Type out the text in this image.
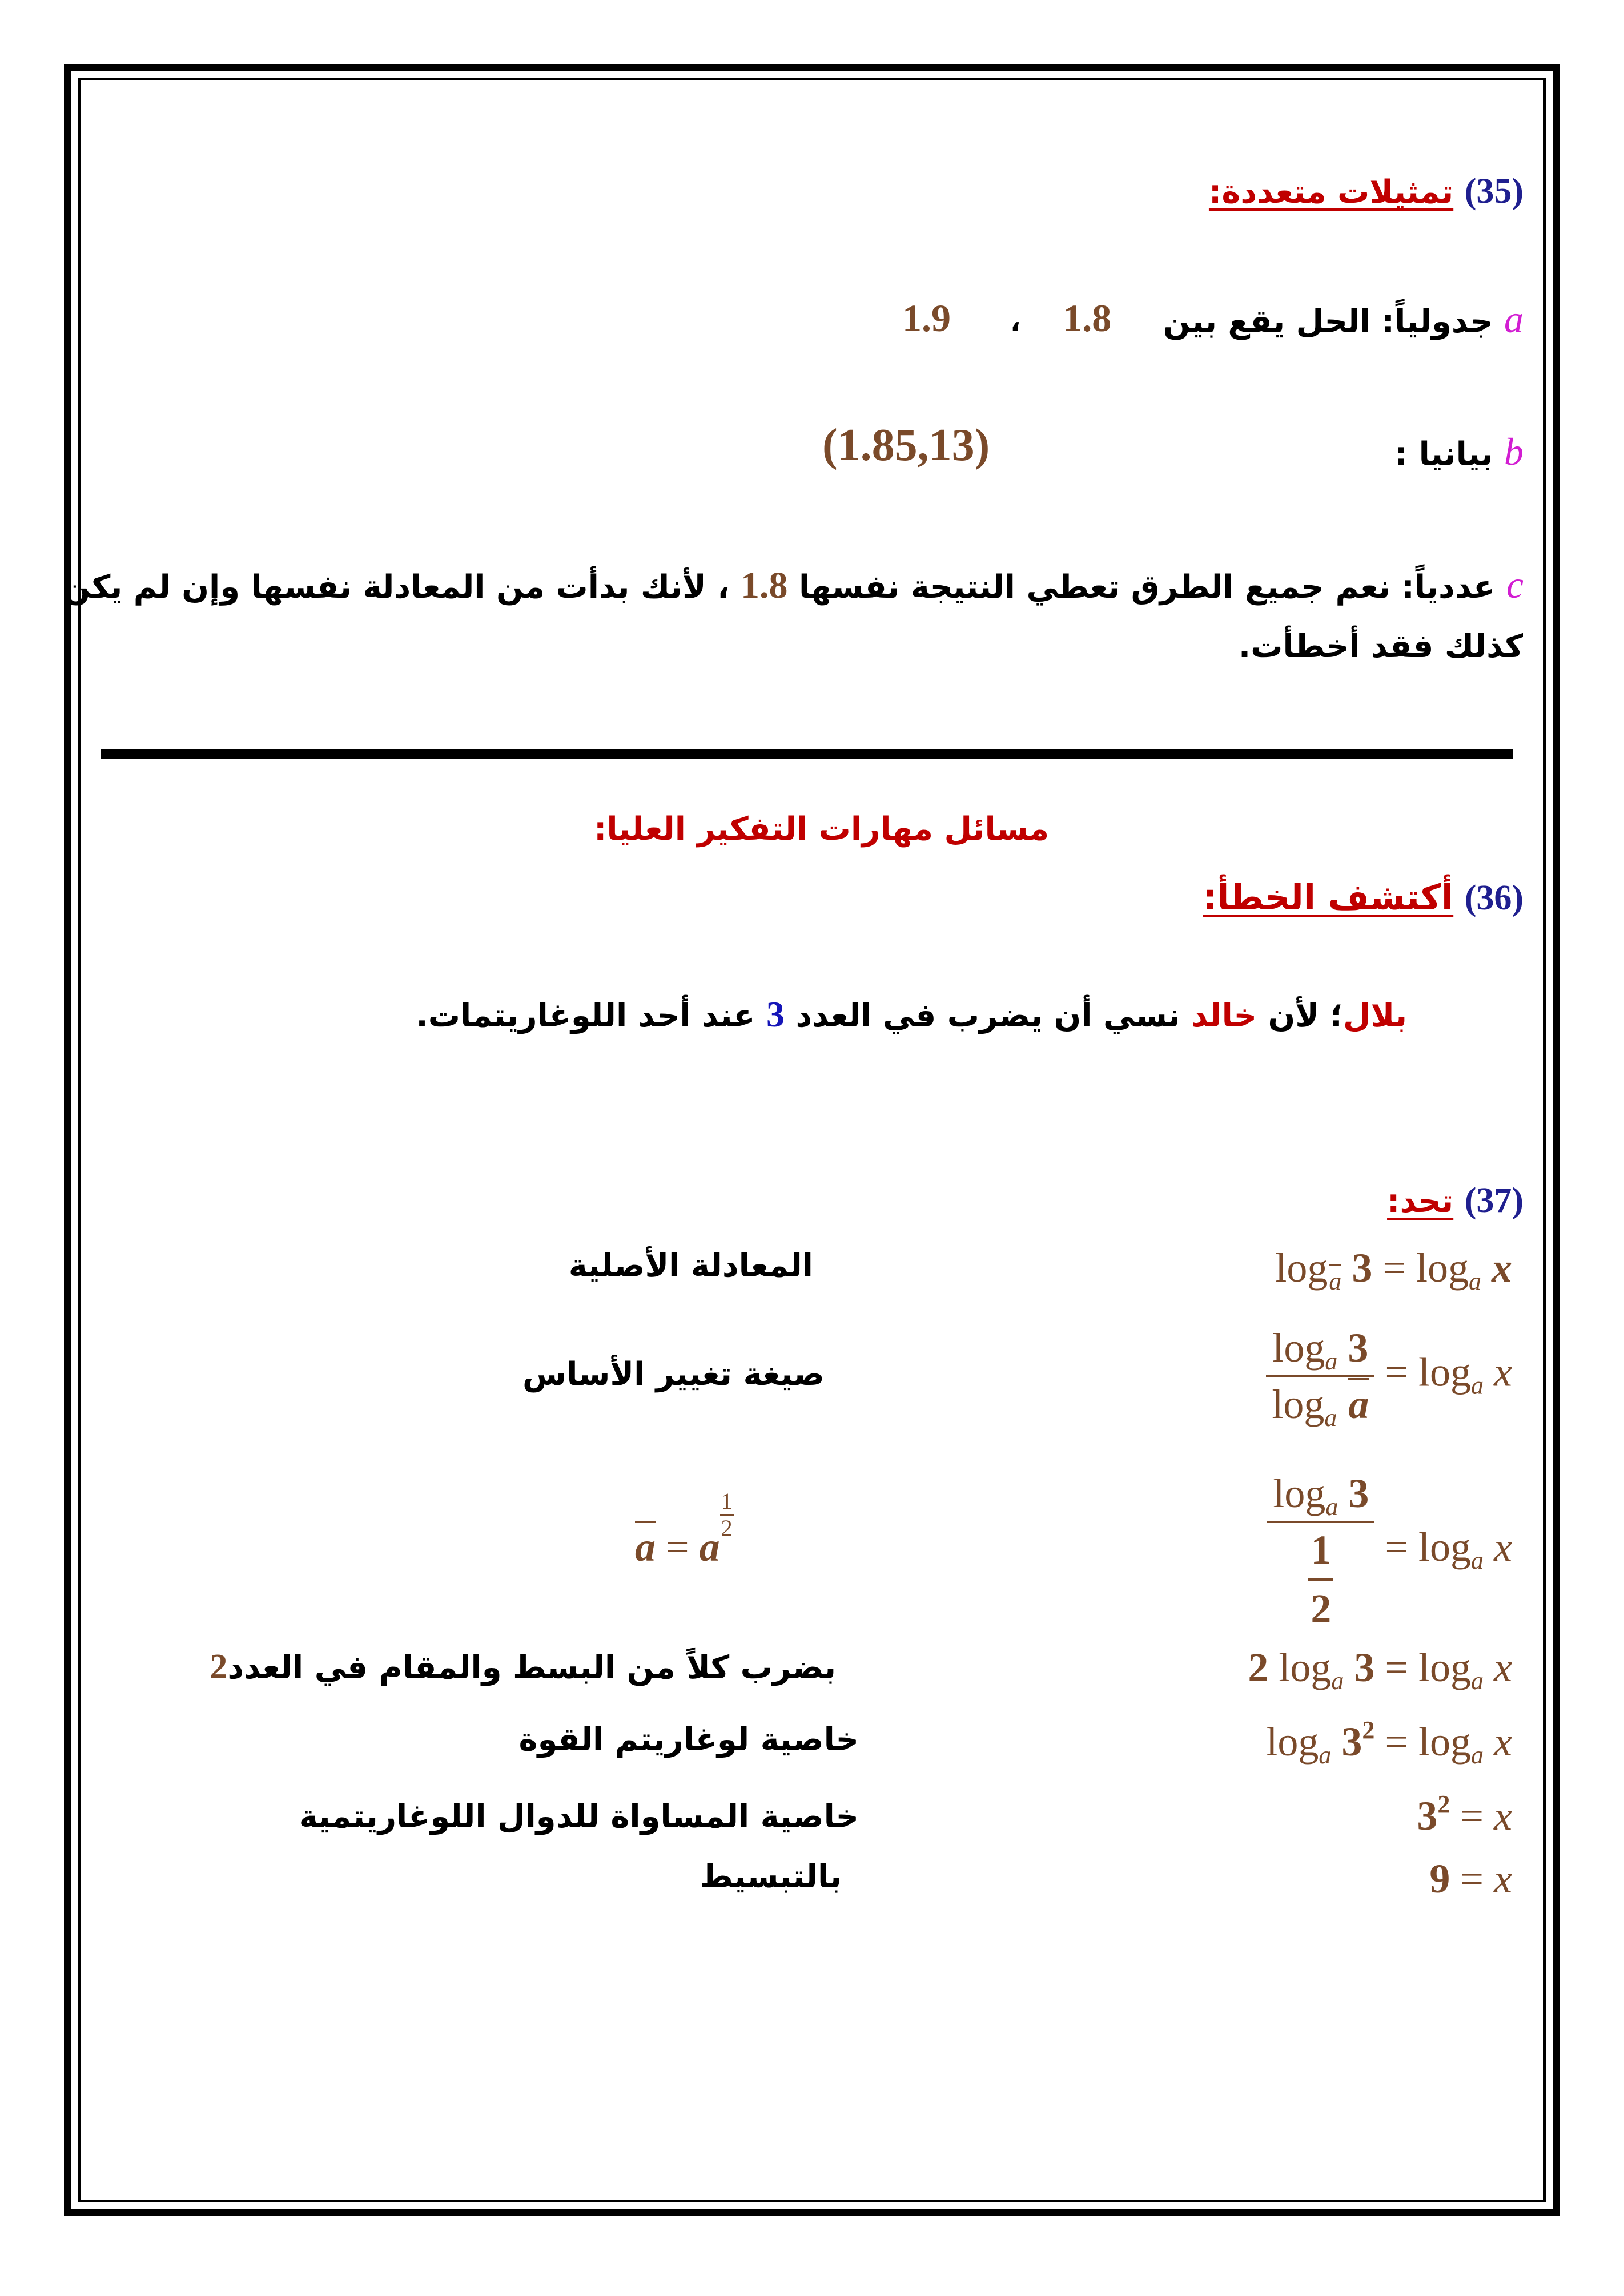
(35) تمثيلات متعددة:
a جدولياً: الحل يقع بين
1.9 ، 1.8
b بيانيا :
(1.85,13)
c عددياً: نعم جميع الطرق تعطي النتيجة نفسها 1.8 ، لأنك بدأت من المعادلة نفسها وإن لم يكن
كذلك فقد أخطأت.
مسائل مهارات التفكير العليا:
(36) أكتشف الخطأ:
بلال؛ لأن خالد نسي أن يضرب في العدد 3 عند أحد اللوغاريتمات.
(37) تحد:
$\log_a 3 = \log_a x$
المعادلة الأصلية
$\frac{\log_a 3}{\log_a a} = \log_a x$
صيغة تغيير الأساس
$\frac{\log_a 3}{\frac{1}{2}} = \log_a x$
a = a
$\frac{1}{2}$
2 $\log_a 3 = \log_a x$
بضرب كلاً من البسط والمقام في العدد2
$\log_a 3^2 = \log_a x$
خاصية لوغاريتم القوة
$3^2 = x$
خاصية المساواة للدوال اللوغاريتمية
9 = x
بالتبسيط
